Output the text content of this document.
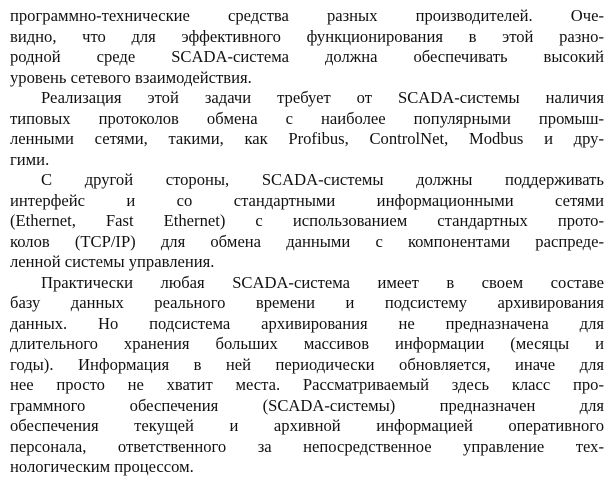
программно-технические средства разных производителей. Оче-
видно, что для эффективного функционирования в этой разно-
родной среде SCADA-система должна обеспечивать высокий
уровень сетевого взаимодействия.
Реализация этой задачи требует от SCADA-системы наличия
типовых протоколов обмена с наиболее популярными промыш-
ленными сетями, такими, как Profibus, ControlNet, Modbus и дру-
гими.
С другой стороны, SCADA-системы должны поддерживать
интерфейс и со стандартными информационными сетями
(Ethernet, Fast Ethernet) с использованием стандартных прото-
колов (TCP/IP) для обмена данными с компонентами распреде-
ленной системы управления.
Практически любая SCADA-система имеет в своем составе
базу данных реального времени и подсистему архивирования
данных. Но подсистема архивирования не предназначена для
длительного хранения больших массивов информации (месяцы и
годы). Информация в ней периодически обновляется, иначе для
нее просто не хватит места. Рассматриваемый здесь класс про-
граммного обеспечения (SCADA-системы) предназначен для
обеспечения текущей и архивной информацией оперативного
персонала, ответственного за непосредственное управление тех-
нологическим процессом.
